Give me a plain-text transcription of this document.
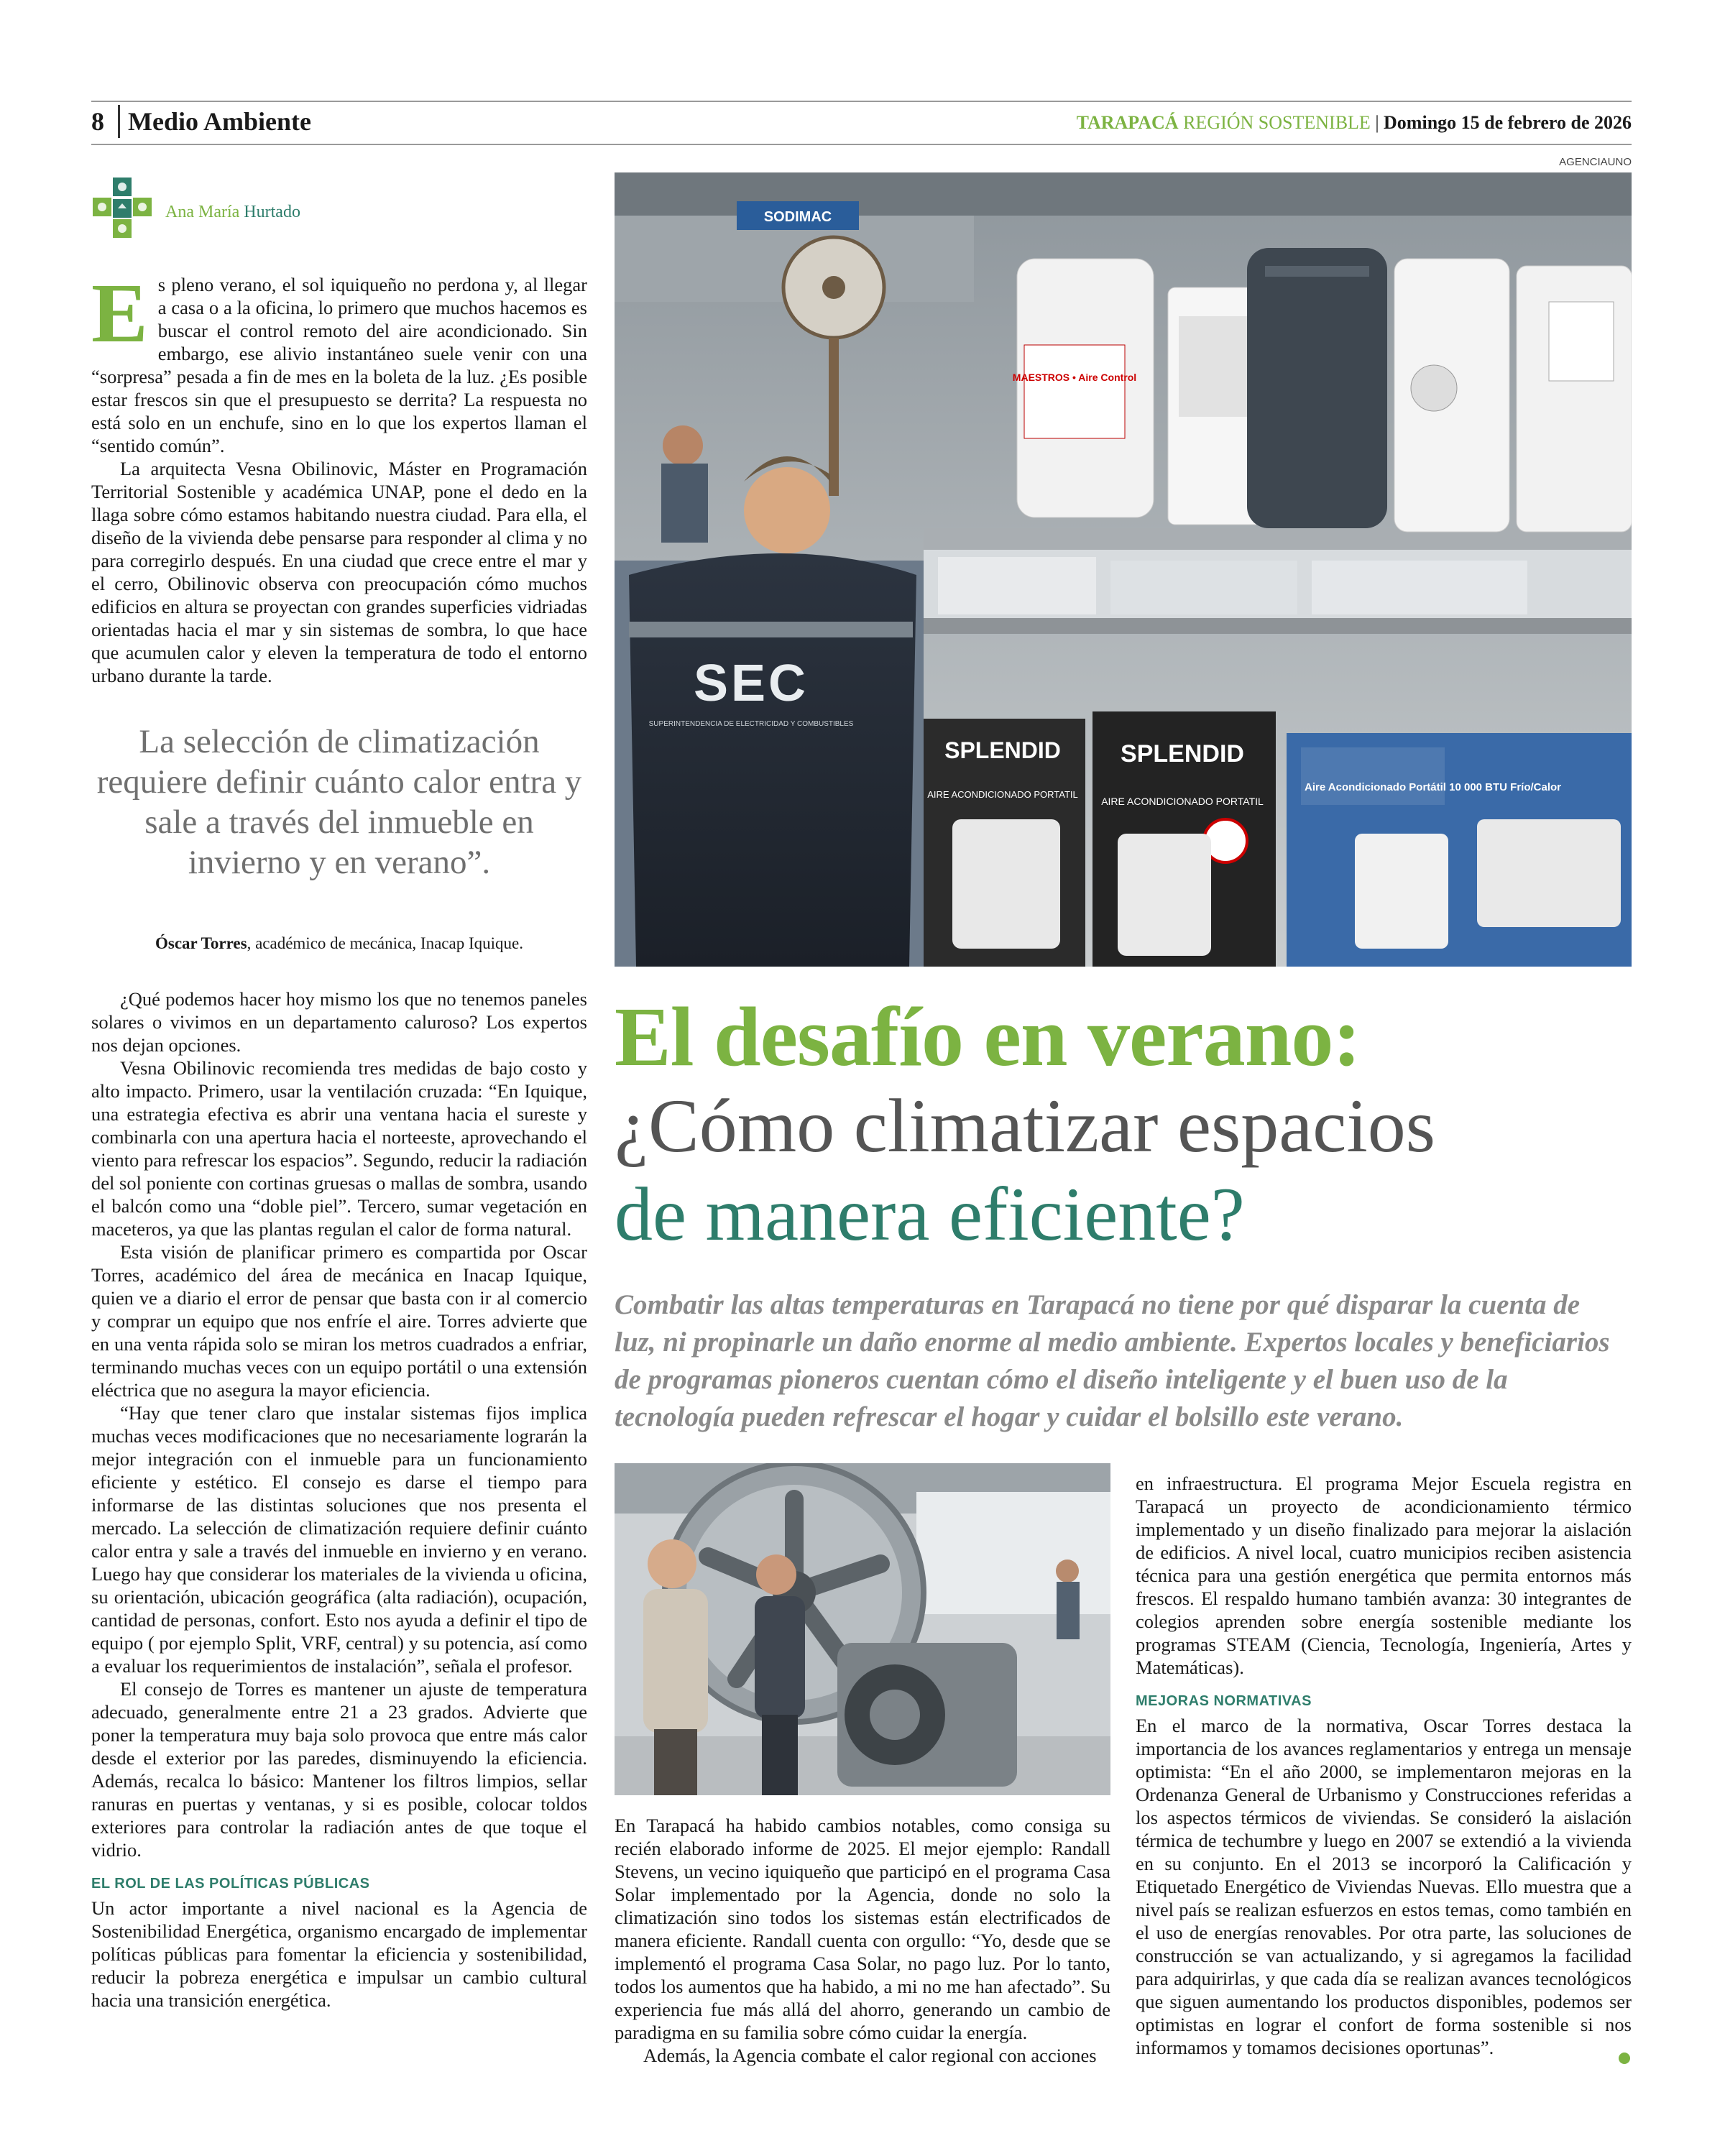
8 Medio Ambiente	TARAPACÁ REGIÓN SOSTENIBLE | Domingo 15 de febrero de 2026
AGENCIAUNO
Ana María Hurtado

Es pleno verano, el sol iquiqueño no perdona y, al llegar a casa o a la oficina, lo primero que muchos hacemos es buscar el control remoto del aire acondicionado. Sin embargo, ese alivio instantáneo suele venir con una “sorpresa” pesada a fin de mes en la boleta de la luz. ¿Es posible estar frescos sin que el presupuesto se derrita? La respuesta no está solo en un enchufe, sino en lo que los expertos llaman el “sentido común”.

La arquitecta Vesna Obilinovic, Máster en Programación Territorial Sostenible y académica UNAP, pone el dedo en la llaga sobre cómo estamos habitando nuestra ciudad. Para ella, el diseño de la vivienda debe pensarse para responder al clima y no para corregirlo después. En una ciudad que crece entre el mar y el cerro, Obilinovic observa con preocupación cómo muchos edificios en altura se proyectan con grandes superficies vidriadas orientadas hacia el mar y sin sistemas de sombra, lo que hace que acumulen calor y eleven la temperatura de todo el entorno urbano durante la tarde.

La selección de climatización requiere definir cuánto calor entra y sale a través del inmueble en invierno y en verano”.
Óscar Torres, académico de mecánica, Inacap Iquique.

¿Qué podemos hacer hoy mismo los que no tenemos paneles solares o vivimos en un departamento caluroso? Los expertos nos dejan opciones.

Vesna Obilinovic recomienda tres medidas de bajo costo y alto impacto. Primero, usar la ventilación cruzada: “En Iquique, una estrategia efectiva es abrir una ventana hacia el sureste y combinarla con una apertura hacia el norteeste, aprovechando el viento para refrescar los espacios”. Segundo, reducir la radiación del sol poniente con cortinas gruesas o mallas de sombra, usando el balcón como una “doble piel”. Tercero, sumar vegetación en maceteros, ya que las plantas regulan el calor de forma natural.

Esta visión de planificar primero es compartida por Oscar Torres, académico del área de mecánica en Inacap Iquique, quien ve a diario el error de pensar que basta con ir al comercio y comprar un equipo que nos enfríe el aire. Torres advierte que en una venta rápida solo se miran los metros cuadrados a enfriar, terminando muchas veces con un equipo portátil o una extensión eléctrica que no asegura la mayor eficiencia.

“Hay que tener claro que instalar sistemas fijos implica muchas veces modificaciones que no necesariamente lograrán la mejor integración con el inmueble para un funcionamiento eficiente y estético. El consejo es darse el tiempo para informarse de las distintas soluciones que nos presenta el mercado. La selección de climatización requiere definir cuánto calor entra y sale a través del inmueble en invierno y en verano. Luego hay que considerar los materiales de la vivienda u oficina, su orientación, ubicación geográfica (alta radiación), ocupación, cantidad de personas, confort. Esto nos ayuda a definir el tipo de equipo ( por ejemplo Split, VRF, central) y su potencia, así como a evaluar los requerimientos de instalación”, señala el profesor.

El consejo de Torres es mantener un ajuste de temperatura adecuado, generalmente entre 21 a 23 grados. Advierte que poner la temperatura muy baja solo provoca que entre más calor desde el exterior por las paredes, disminuyendo la eficiencia. Además, recalca lo básico: Mantener los filtros limpios, sellar ranuras en puertas y ventanas, y si es posible, colocar toldos exteriores para controlar la radiación antes de que toque el vidrio.

EL ROL DE LAS POLÍTICAS PÚBLICAS

Un actor importante a nivel nacional es la Agencia de Sostenibilidad Energética, organismo encargado de implementar políticas públicas para fomentar la eficiencia y sostenibilidad, reducir la pobreza energética e impulsar un cambio cultural hacia una transición energética.

SODIMAC
MAESTROS • Aire Control
SPLENDID
AIRE ACONDICIONADO PORTATIL
SPLENDID
AIRE ACONDICIONADO PORTATIL
Aire Acondicionado Portátil 10 000 BTU Frío/Calor
SEC
SUPERINTENDENCIA DE ELECTRICIDAD Y COMBUSTIBLES
El desafío en verano:
¿Cómo climatizar espacios
de manera eficiente?
Combatir las altas temperaturas en Tarapacá no tiene por qué disparar la cuenta de luz, ni propinarle un daño enorme al medio ambiente. Expertos locales y beneficiarios de programas pioneros cuentan cómo el diseño inteligente y el buen uso de la tecnología pueden refrescar el hogar y cuidar el bolsillo este verano.

En Tarapacá ha habido cambios notables, como consiga su recién elaborado informe de 2025. El mejor ejemplo: Randall Stevens, un vecino iquiqueño que participó en el programa Casa Solar implementado por la Agencia, donde no solo la climatización sino todos los sistemas están electrificados de manera eficiente. Randall cuenta con orgullo: “Yo, desde que se implementó el programa Casa Solar, no pago luz. Por lo tanto, todos los aumentos que ha habido, a mi no me han afectado”. Su experiencia fue más allá del ahorro, generando un cambio de paradigma en su familia sobre cómo cuidar la energía.

Además, la Agencia combate el calor regional con acciones

en infraestructura. El programa Mejor Escuela registra en Tarapacá un proyecto de acondicionamiento térmico implementado y un diseño finalizado para mejorar la aislación de edificios. A nivel local, cuatro municipios reciben asistencia técnica para una gestión energética que permita entornos más frescos. El respaldo humano también avanza: 30 integrantes de colegios aprenden sobre energía sostenible mediante los programas STEAM (Ciencia, Tecnología, Ingeniería, Artes y Matemáticas).

MEJORAS NORMATIVAS

En el marco de la normativa, Oscar Torres destaca la importancia de los avances reglamentarios y entrega un mensaje optimista: “En el año 2000, se implementaron mejoras en la Ordenanza General de Urbanismo y Construcciones referidas a los aspectos térmicos de viviendas. Se consideró la aislación térmica de techumbre y luego en 2007 se extendió a la vivienda en su conjunto. En el 2013 se incorporó la Calificación y Etiquetado Energético de Viviendas Nuevas. Ello muestra que a nivel país se realizan esfuerzos en estos temas, como también en el uso de energías renovables. Por otra parte, las soluciones de construcción se van actualizando, y si agregamos la facilidad para adquirirlas, y que cada día se realizan avances tecnológicos que siguen aumentando los productos disponibles, podemos ser optimistas en lograr el confort de forma sostenible si nos informamos y tomamos decisiones oportunas”.
